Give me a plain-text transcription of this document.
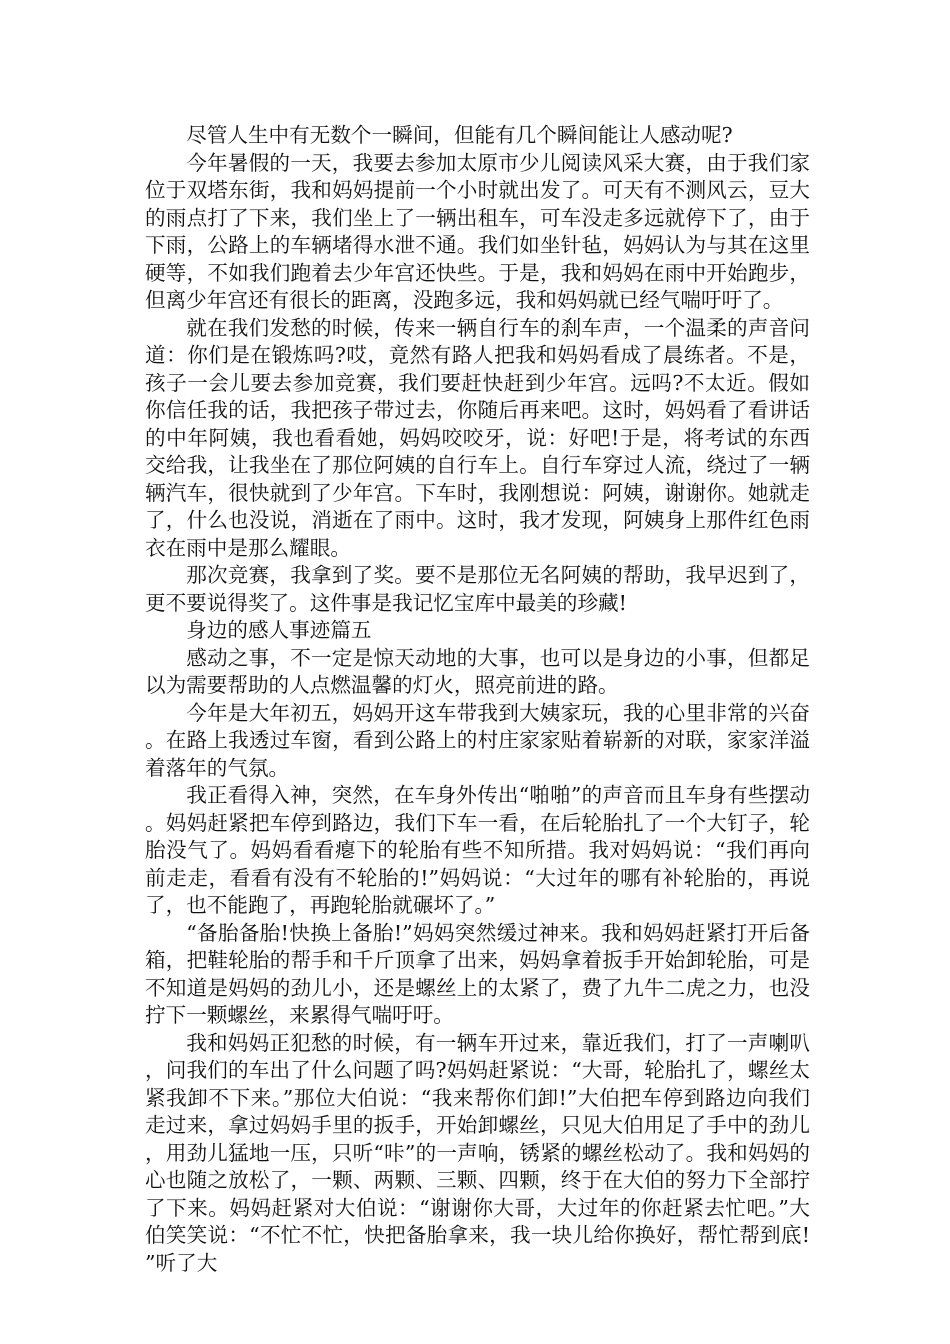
尽管人生中有无数个一瞬间，但能有几个瞬间能让人感动呢?

今年暑假的一天，我要去参加太原市少儿阅读风采大赛，由于我们家位于双塔东街，我和妈妈提前一个小时就出发了。可天有不测风云，豆大的雨点打了下来，我们坐上了一辆出租车，可车没走多远就停下了，由于下雨，公路上的车辆堵得水泄不通。我们如坐针毡，妈妈认为与其在这里硬等，不如我们跑着去少年宫还快些。于是，我和妈妈在雨中开始跑步，但离少年宫还有很长的距离，没跑多远，我和妈妈就已经气喘吁吁了。

就在我们发愁的时候，传来一辆自行车的刹车声，一个温柔的声音问道：你们是在锻炼吗?哎，竟然有路人把我和妈妈看成了晨练者。不是，孩子一会儿要去参加竞赛，我们要赶快赶到少年宫。远吗?不太近。假如你信任我的话，我把孩子带过去，你随后再来吧。这时，妈妈看了看讲话的中年阿姨，我也看看她，妈妈咬咬牙，说：好吧!于是，将考试的东西交给我，让我坐在了那位阿姨的自行车上。自行车穿过人流，绕过了一辆辆汽车，很快就到了少年宫。下车时，我刚想说：阿姨，谢谢你。她就走了，什么也没说，消逝在了雨中。这时，我才发现，阿姨身上那件红色雨衣在雨中是那么耀眼。

那次竞赛，我拿到了奖。要不是那位无名阿姨的帮助，我早迟到了，更不要说得奖了。这件事是我记忆宝库中最美的珍藏!

身边的感人事迹篇五

感动之事，不一定是惊天动地的大事，也可以是身边的小事，但都足以为需要帮助的人点燃温馨的灯火，照亮前进的路。

今年是大年初五，妈妈开这车带我到大姨家玩，我的心里非常的兴奋。在路上我透过车窗，看到公路上的村庄家家贴着崭新的对联，家家洋溢着落年的气氛。

我正看得入神，突然，在车身外传出“啪啪”的声音而且车身有些摆动。妈妈赶紧把车停到路边，我们下车一看，在后轮胎扎了一个大钉子，轮胎没气了。妈妈看看瘪下的轮胎有些不知所措。我对妈妈说：“我们再向前走走，看看有没有不轮胎的!”妈妈说：“大过年的哪有补轮胎的，再说了，也不能跑了，再跑轮胎就碾坏了。”

“备胎备胎!快换上备胎!”妈妈突然缓过神来。我和妈妈赶紧打开后备箱，把鞋轮胎的帮手和千斤顶拿了出来，妈妈拿着扳手开始卸轮胎，可是不知道是妈妈的劲儿小，还是螺丝上的太紧了，费了九牛二虎之力，也没拧下一颗螺丝，来累得气喘吁吁。

我和妈妈正犯愁的时候，有一辆车开过来，靠近我们，打了一声喇叭，问我们的车出了什么问题了吗?妈妈赶紧说：“大哥，轮胎扎了，螺丝太紧我卸不下来。”那位大伯说：“我来帮你们卸!”大伯把车停到路边向我们走过来，拿过妈妈手里的扳手，开始卸螺丝，只见大伯用足了手中的劲儿，用劲儿猛地一压，只听“咔”的一声响，锈紧的螺丝松动了。我和妈妈的心也随之放松了，一颗、两颗、三颗、四颗，终于在大伯的努力下全部拧了下来。妈妈赶紧对大伯说：“谢谢你大哥，大过年的你赶紧去忙吧。”大伯笑笑说：“不忙不忙，快把备胎拿来，我一块儿给你换好，帮忙帮到底!”听了大
